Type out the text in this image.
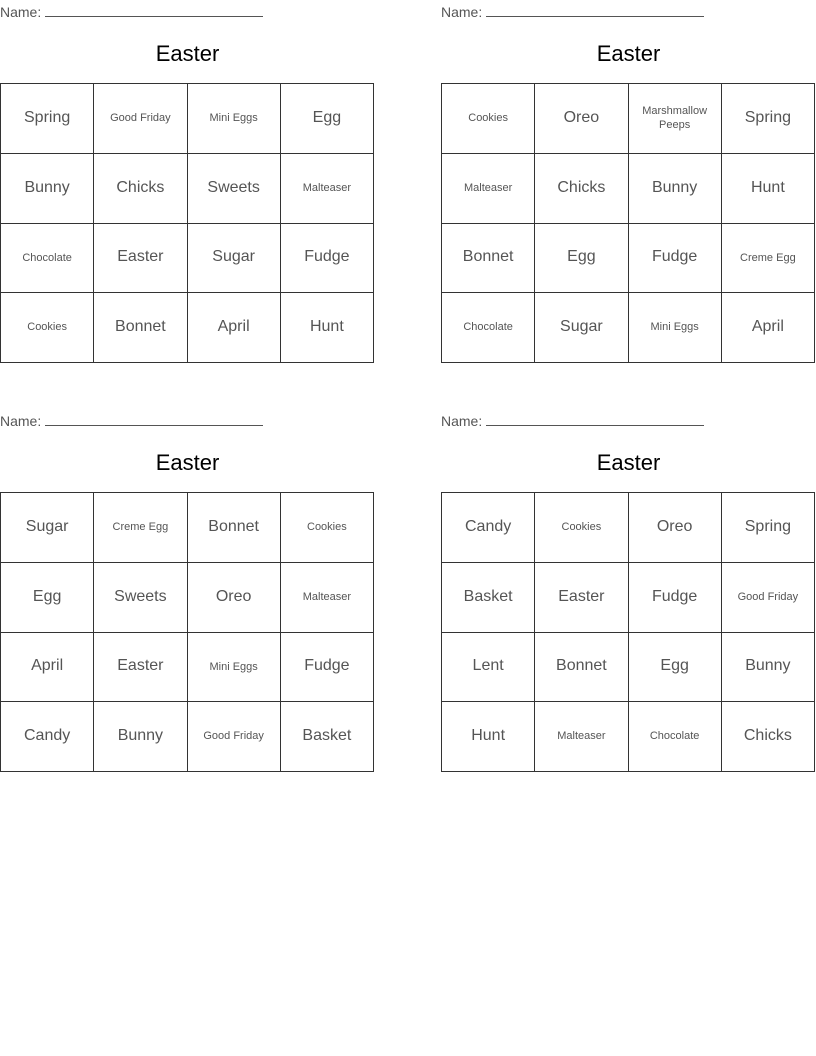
Name:
Easter
Spring	Good Friday	Mini Eggs	Egg
Bunny	Chicks	Sweets	Malteaser
Chocolate	Easter	Sugar	Fudge
Cookies	Bonnet	April	Hunt
Name:
Easter
Cookies	Oreo	Marshmallow Peeps	Spring
Malteaser	Chicks	Bunny	Hunt
Bonnet	Egg	Fudge	Creme Egg
Chocolate	Sugar	Mini Eggs	April
Name:
Easter
Sugar	Creme Egg	Bonnet	Cookies
Egg	Sweets	Oreo	Malteaser
April	Easter	Mini Eggs	Fudge
Candy	Bunny	Good Friday	Basket
Name:
Easter
Candy	Cookies	Oreo	Spring
Basket	Easter	Fudge	Good Friday
Lent	Bonnet	Egg	Bunny
Hunt	Malteaser	Chocolate	Chicks
